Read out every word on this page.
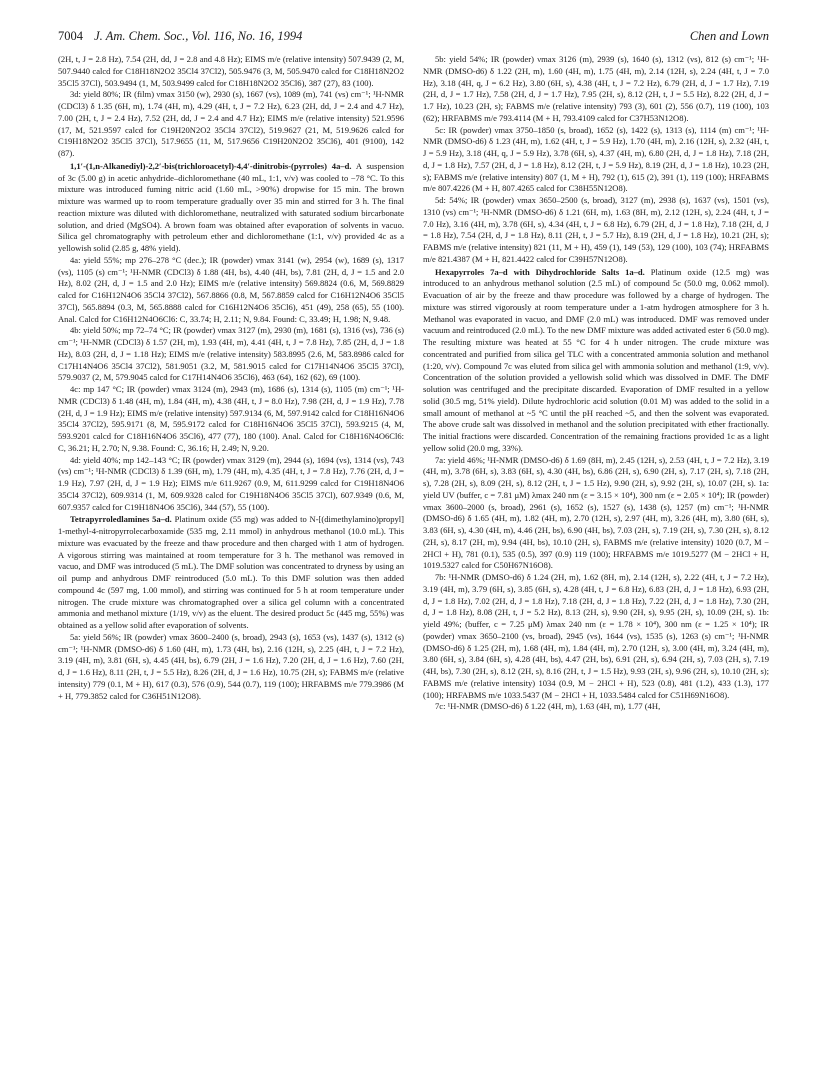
7004 J. Am. Chem. Soc., Vol. 116, No. 16, 1994	Chen and Lown

(2H, t, J = 2.8 Hz), 7.54 (2H, dd, J = 2.8 and 4.8 Hz); EIMS m/e (relative intensity) 507.9439 (2, M, 507.9440 calcd for C18H18N2O2 35Cl4 37Cl2), 505.9476 (3, M, 505.9470 calcd for C18H18N2O2 35Cl5 37Cl), 503.9494 (1, M, 503.9499 calcd for C18H18N2O2 35Cl6), 387 (27), 83 (100).

3d: yield 80%; IR (film) νmax 3150 (w), 2930 (s), 1667 (vs), 1089 (m), 741 (vs) cm⁻¹; ¹H-NMR (CDCl3) δ 1.35 (6H, m), 1.74 (4H, m), 4.29 (4H, t, J = 7.2 Hz), 6.23 (2H, dd, J = 2.4 and 4.7 Hz), 7.00 (2H, t, J = 2.4 Hz), 7.52 (2H, dd, J = 2.4 and 4.7 Hz); EIMS m/e (relative intensity) 521.9596 (17, M, 521.9597 calcd for C19H20N2O2 35Cl4 37Cl2), 519.9627 (21, M, 519.9626 calcd for C19H18N2O2 35Cl5 37Cl), 517.9655 (11, M, 517.9656 C19H20N2O2 35Cl6), 401 (9100), 142 (87).

1,1′-(1,n-Alkanediyl)-2,2′-bis(trichloroacetyl)-4,4′-dinitrobis-(pyrroles) 4a–d. A suspension of 3c (5.00 g) in acetic anhydride–dichloromethane (40 mL, 1:1, v/v) was cooled to −78 °C. To this mixture was introduced fuming nitric acid (1.60 mL, >90%) dropwise for 15 min. The brown mixture was warmed up to room temperature gradually over 35 min and stirred for 3 h. The final reaction mixture was diluted with dichloromethane, neutralized with saturated sodium bircarbonate solution, and dried (MgSO4). A brown foam was obtained after evaporation of solvents in vacuo. Silica gel chromatography with petroleum ether and dichloromethane (1:1, v/v) provided 4c as a yellowish solid (2.85 g, 48% yield).

4a: yield 55%; mp 276–278 °C (dec.); IR (powder) νmax 3141 (w), 2954 (w), 1689 (s), 1317 (vs), 1105 (s) cm⁻¹; ¹H-NMR (CDCl3) δ 1.88 (4H, bs), 4.40 (4H, bs), 7.81 (2H, d, J = 1.5 and 2.0 Hz), 8.02 (2H, d, J = 1.5 and 2.0 Hz); EIMS m/e (relative intensity) 569.8824 (0.6, M, 569.8829 calcd for C16H12N4O6 35Cl4 37Cl2), 567.8866 (0.8, M, 567.8859 calcd for C16H12N4O6 35Cl5 37Cl), 565.8894 (0.3, M, 565.8888 calcd for C16H12N4O6 35Cl6), 451 (49), 258 (65), 55 (100). Anal. Calcd for C16H12N4O6Cl6: C, 33.74; H, 2.11; N, 9.84. Found: C, 33.49; H, 1.98; N, 9.48.

4b: yield 50%; mp 72–74 °C; IR (powder) νmax 3127 (m), 2930 (m), 1681 (s), 1316 (vs), 736 (s) cm⁻¹; ¹H-NMR (CDCl3) δ 1.57 (2H, m), 1.93 (4H, m), 4.41 (4H, t, J = 7.8 Hz), 7.85 (2H, d, J = 1.8 Hz), 8.03 (2H, d, J = 1.18 Hz); EIMS m/e (relative intensity) 583.8995 (2.6, M, 583.8986 calcd for C17H14N4O6 35Cl4 37Cl2), 581.9051 (3.2, M, 581.9015 calcd for C17H14N4O6 35Cl5 37Cl), 579.9037 (2, M, 579.9045 calcd for C17H14N4O6 35Cl6), 463 (64), 162 (62), 69 (100).

4c: mp 147 °C; IR (powder) νmax 3124 (m), 2943 (m), 1686 (s), 1314 (s), 1105 (m) cm⁻¹; ¹H-NMR (CDCl3) δ 1.48 (4H, m), 1.84 (4H, m), 4.38 (4H, t, J = 8.0 Hz), 7.98 (2H, d, J = 1.9 Hz), 7.78 (2H, d, J = 1.9 Hz); EIMS m/e (relative intensity) 597.9134 (6, M, 597.9142 calcd for C18H16N4O6 35Cl4 37Cl2), 595.9171 (8, M, 595.9172 calcd for C18H16N4O6 35Cl5 37Cl), 593.9215 (4, M, 593.9201 calcd for C18H16N4O6 35Cl6), 477 (77), 180 (100). Anal. Calcd for C18H16N4O6Cl6: C, 36.21; H, 2.70; N, 9.38. Found: C, 36.16; H, 2.49; N, 9.20.

4d: yield 40%; mp 142–143 °C; IR (powder) νmax 3129 (m), 2944 (s), 1694 (vs), 1314 (vs), 743 (vs) cm⁻¹; ¹H-NMR (CDCl3) δ 1.39 (6H, m), 1.79 (4H, m), 4.35 (4H, t, J = 7.8 Hz), 7.76 (2H, d, J = 1.9 Hz), 7.97 (2H, d, J = 1.9 Hz); EIMS m/e 611.9267 (0.9, M, 611.9299 calcd for C19H18N4O6 35Cl4 37Cl2), 609.9314 (1, M, 609.9328 calcd for C19H18N4O6 35Cl5 37Cl), 607.9349 (0.6, M, 607.9357 calcd for C19H18N4O6 35Cl6), 344 (57), 55 (100).

Tetrapyrroledlamines 5a–d. Platinum oxide (55 mg) was added to N-[(dimethylamino)propyl] 1-methyl-4-nitropyrrolecarboxamide (535 mg, 2.11 mmol) in anhydrous methanol (10.0 mL). This mixture was evacuated by the freeze and thaw procedure and then charged with 1 atm of hydrogen. A vigorous stirring was maintained at room temperature for 3 h. The methanol was removed in vacuo, and DMF was introduced (5 mL). The DMF solution was concentrated to dryness by using an oil pump and anhydrous DMF reintroduced (5.0 mL). To this DMF solution was then added compound 4c (597 mg, 1.00 mmol), and stirring was continued for 5 h at room temperature under nitrogen. The crude mixture was chromatographed over a silica gel column with a concentrated ammonia and methanol mixture (1/19, v/v) as the eluent. The desired product 5c (445 mg, 55%) was obtained as a yellow solid after evaporation of solvents.

5a: yield 56%; IR (powder) νmax 3600–2400 (s, broad), 2943 (s), 1653 (vs), 1437 (s), 1312 (s) cm⁻¹; ¹H-NMR (DMSO-d6) δ 1.60 (4H, m), 1.73 (4H, bs), 2.16 (12H, s), 2.25 (4H, t, J = 7.2 Hz), 3.19 (4H, m), 3.81 (6H, s), 4.45 (4H, bs), 6.79 (2H, J = 1.6 Hz), 7.20 (2H, d, J = 1.6 Hz), 7.60 (2H, d, J = 1.6 Hz), 8.11 (2H, t, J = 5.5 Hz), 8.26 (2H, d, J = 1.6 Hz), 10.75 (2H, s); FABMS m/e (relative intensity) 779 (0.1, M + H), 617 (0.3), 576 (0.9), 544 (0.7), 119 (100); HRFABMS m/e 779.3986 (M + H, 779.3852 calcd for C36H51N12O8).

5b: yield 54%; IR (powder) νmax 3126 (m), 2939 (s), 1640 (s), 1312 (vs), 812 (s) cm⁻¹; ¹H-NMR (DMSO-d6) δ 1.22 (2H, m), 1.60 (4H, m), 1.75 (4H, m), 2.14 (12H, s), 2.24 (4H, t, J = 7.0 Hz), 3.18 (4H, q, J = 6.2 Hz), 3.80 (6H, s), 4.38 (4H, t, J = 7.2 Hz), 6.79 (2H, d, J = 1.7 Hz), 7.19 (2H, d, J = 1.7 Hz), 7.58 (2H, d, J = 1.7 Hz), 7.95 (2H, s), 8.12 (2H, t, J = 5.5 Hz), 8.22 (2H, d, J = 1.7 Hz), 10.23 (2H, s); FABMS m/e (relative intensity) 793 (3), 601 (2), 556 (0.7), 119 (100), 103 (62); HRFABMS m/e 793.4114 (M + H, 793.4109 calcd for C37H53N12O8).

5c: IR (powder) νmax 3750–1850 (s, broad), 1652 (s), 1422 (s), 1313 (s), 1114 (m) cm⁻¹; ¹H-NMR (DMSO-d6) δ 1.23 (4H, m), 1.62 (4H, t, J = 5.9 Hz), 1.70 (4H, m), 2.16 (12H, s), 2.32 (4H, t, J = 5.9 Hz), 3.18 (4H, q, J = 5.9 Hz), 3.78 (6H, s), 4.37 (4H, m), 6.80 (2H, d, J = 1.8 Hz), 7.18 (2H, d, J = 1.8 Hz), 7.57 (2H, d, J = 1.8 Hz), 8.12 (2H, t, J = 5.9 Hz), 8.19 (2H, d, J = 1.8 Hz), 10.23 (2H, s); FABMS m/e (relative intensity) 807 (1, M + H), 792 (1), 615 (2), 391 (1), 119 (100); HRFABMS m/e 807.4226 (M + H, 807.4265 calcd for C38H55N12O8).

5d: 54%; IR (powder) νmax 3650–2500 (s, broad), 3127 (m), 2938 (s), 1637 (vs), 1501 (vs), 1310 (vs) cm⁻¹; ¹H-NMR (DMSO-d6) δ 1.21 (6H, m), 1.63 (8H, m), 2.12 (12H, s), 2.24 (4H, t, J = 7.0 Hz), 3.16 (4H, m), 3.78 (6H, s), 4.34 (4H, t, J = 6.8 Hz), 6.79 (2H, d, J = 1.8 Hz), 7.18 (2H, d, J = 1.8 Hz), 7.54 (2H, d, J = 1.8 Hz), 8.11 (2H, t, J = 5.7 Hz), 8.19 (2H, d, J = 1.8 Hz), 10.21 (2H, s); FABMS m/e (relative intensity) 821 (11, M + H), 459 (1), 149 (53), 129 (100), 103 (74); HRFABMS m/e 821.4387 (M + H, 821.4422 calcd for C39H57N12O8).

Hexapyrroles 7a–d with Dihydrochloride Salts 1a–d. Platinum oxide (12.5 mg) was introduced to an anhydrous methanol solution (2.5 mL) of compound 5c (50.0 mg, 0.062 mmol). Evacuation of air by the freeze and thaw procedure was followed by a charge of hydrogen. The mixture was stirred vigorously at room temperature under a 1-atm hydrogen atmosphere for 3 h. Methanol was evaporated in vacuo, and DMF (2.0 mL) was introduced. DMF was removed under vacuum and reintroduced (2.0 mL). To the new DMF mixture was added activated ester 6 (50.0 mg). The resulting mixture was heated at 55 °C for 4 h under nitrogen. The crude mixture was concentrated and purified from silica gel TLC with a concentrated ammonia solution and methanol (1:20, v/v). Compound 7c was eluted from silica gel with ammonia solution and methanol (1:9, v/v). Concentration of the solution provided a yellowish solid which was dissolved in DMF. The DMF solution was centrifuged and the precipitate discarded. Evaporation of DMF resulted in a yellow solid (30.5 mg, 51% yield). Dilute hydrochloric acid solution (0.01 M) was added to the solid in a small amount of methanol at ~5 °C until the pH reached ~5, and then the solvent was evaporated. The above crude salt was dissolved in methanol and the solution precipitated with ether fractionally. The initial fractions were discarded. Concentration of the remaining fractions provided 1c as a light yellow solid (20.0 mg, 33%).

7a: yield 46%; ¹H-NMR (DMSO-d6) δ 1.69 (8H, m), 2.45 (12H, s), 2.53 (4H, t, J = 7.2 Hz), 3.19 (4H, m), 3.78 (6H, s), 3.83 (6H, s), 4.30 (4H, bs), 6.86 (2H, s), 6.90 (2H, s), 7.17 (2H, s), 7.18 (2H, s), 7.28 (2H, s), 8.09 (2H, s), 8.12 (2H, t, J = 1.5 Hz), 9.90 (2H, s), 9.92 (2H, s), 10.07 (2H, s). 1a: yield UV (buffer, c = 7.81 μM) λmax 240 nm (ε = 3.15 × 10⁴), 300 nm (ε = 2.05 × 10⁴); IR (powder) νmax 3600–2000 (s, broad), 2961 (s), 1652 (s), 1527 (s), 1438 (s), 1257 (m) cm⁻¹; ¹H-NMR (DMSO-d6) δ 1.65 (4H, m), 1.82 (4H, m), 2.70 (12H, s), 2.97 (4H, m), 3.26 (4H, m), 3.80 (6H, s), 3.83 (6H, s), 4.30 (4H, m), 4.46 (2H, bs), 6.90 (4H, bs), 7.03 (2H, s), 7.19 (2H, s), 7.30 (2H, s), 8.12 (2H, s), 8.17 (2H, m), 9.94 (4H, bs), 10.10 (2H, s), FABMS m/e (relative intensity) 1020 (0.7, M − 2HCl + H), 781 (0.1), 535 (0.5), 397 (0.9) 119 (100); HRFABMS m/e 1019.5277 (M − 2HCl + H, 1019.5327 calcd for C50H67N16O8).

7b: ¹H-NMR (DMSO-d6) δ 1.24 (2H, m), 1.62 (8H, m), 2.14 (12H, s), 2.22 (4H, t, J = 7.2 Hz), 3.19 (4H, m), 3.79 (6H, s), 3.85 (6H, s), 4.28 (4H, t, J = 6.8 Hz), 6.83 (2H, d, J = 1.8 Hz), 6.93 (2H, d, J = 1.8 Hz), 7.02 (2H, d, J = 1.8 Hz), 7.18 (2H, d, J = 1.8 Hz), 7.22 (2H, d, J = 1.8 Hz), 7.30 (2H, d, J = 1.8 Hz), 8.08 (2H, t, J = 5.2 Hz), 8.13 (2H, s), 9.90 (2H, s), 9.95 (2H, s), 10.09 (2H, s). 1b: yield 49%; (buffer, c = 7.25 μM) λmax 240 nm (ε = 1.78 × 10⁴), 300 nm (ε = 1.25 × 10⁴); IR (powder) νmax 3650–2100 (vs, broad), 2945 (vs), 1644 (vs), 1535 (s), 1263 (s) cm⁻¹; ¹H-NMR (DMSO-d6) δ 1.25 (2H, m), 1.68 (4H, m), 1.84 (4H, m), 2.70 (12H, s), 3.00 (4H, m), 3.24 (4H, m), 3.80 (6H, s), 3.84 (6H, s), 4.28 (4H, bs), 4.47 (2H, bs), 6.91 (2H, s), 6.94 (2H, s), 7.03 (2H, s), 7.19 (4H, bs), 7.30 (2H, s), 8.12 (2H, s), 8.16 (2H, t, J = 1.5 Hz), 9.93 (2H, s), 9.96 (2H, s), 10.10 (2H, s); FABMS m/e (relative intensity) 1034 (0.9, M − 2HCl + H), 523 (0.8), 481 (1.2), 433 (1.3), 177 (100); HRFABMS m/e 1033.5437 (M − 2HCl + H, 1033.5484 calcd for C51H69N16O8).

7c: ¹H-NMR (DMSO-d6) δ 1.22 (4H, m), 1.63 (4H, m), 1.77 (4H,
